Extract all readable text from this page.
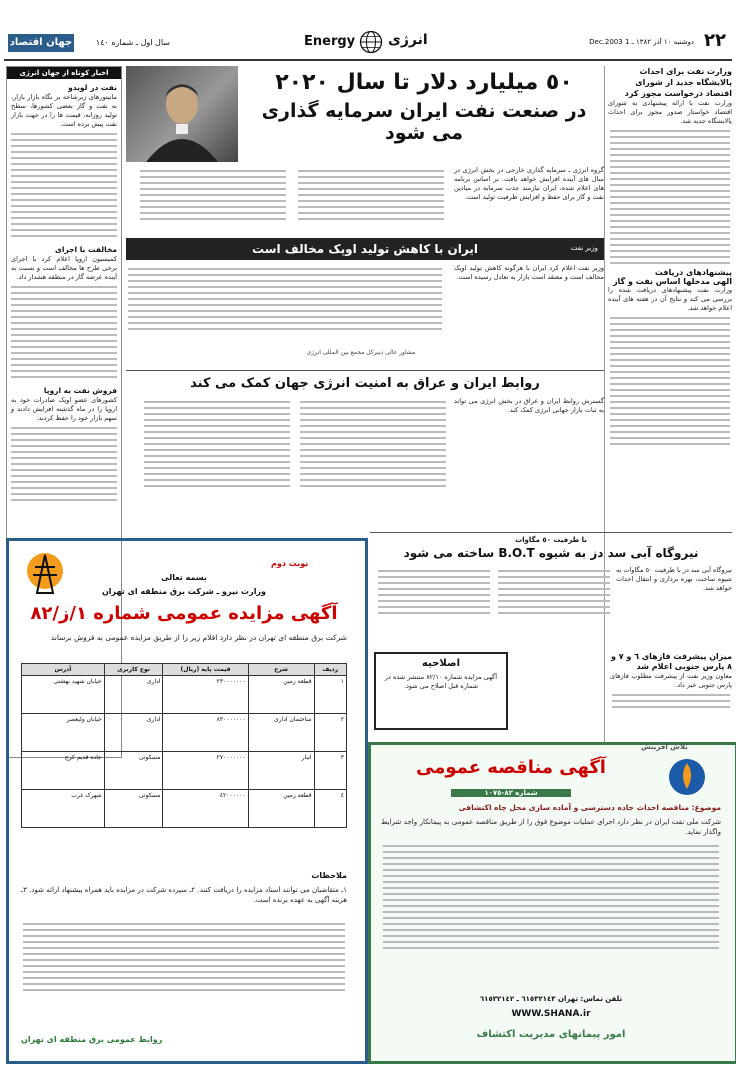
جهان اقتصاد	سال اول ـ شماره ١٤٠	Energy انرژی	دوشنبه ١٠ آذر ١٣٨٢ ـ 1 Dec.2003 ٢٢
اخبار کوتاه از جهان انرژی
نفت در لویدو
مانیتورهای زیرشاخه بر نگاه بازار بازار، به نفت و گاز بعضی کشورها، سطح تولید روزانه، قیمت ها را در جهت بازار نفت پیش برده است.
مخالفت با اجرای
کمیسیون اروپا اعلام کرد با اجرای برخی طرح ها مخالف است و نسبت به آینده عرضه گاز در منطقه هشدار داد.
فروش نفت به اروپا
کشورهای عضو اوپک صادرات خود به اروپا را در ماه گذشته افزایش دادند و سهم بازار خود را حفظ کردند.
٥٠ میلیارد دلار تا سال ٢٠٢٠
در صنعت نفت ایران سرمایه گذاری می شود
گروه انرژی ـ سرمایه گذاری خارجی در بخش انرژی در سال های آینده افزایش خواهد یافت. بر اساس برنامه های اعلام شده، ایران نیازمند جذب سرمایه در میادین نفت و گاز برای حفظ و افزایش ظرفیت تولید است.
وزارت نفت برای احداث پالایشگاه جدید از شورای اقتصاد درخواست مجوز کرد
وزارت نفت با ارائه پیشنهادی به شورای اقتصاد خواستار صدور مجوز برای احداث پالایشگاه جدید شد.
پیشنهادهای دریافت
الهی مدخلها اساس نفت و گاز
وزارت نفت پیشنهادهای دریافت شده را بررسی می کند و نتایج آن در هفته های آینده اعلام خواهد شد.
ایران با کاهش تولید اوپک مخالف است	وزیر نفت
وزیر نفت اعلام کرد ایران با هرگونه کاهش تولید اوپک مخالف است و معتقد است بازار به تعادل رسیده است.
مشاور عالی دبیرکل مجمع بین المللی انرژی
روابط ایران و عراق به امنیت انرژی جهان کمک می کند
گسترش روابط ایران و عراق در بخش انرژی می تواند به ثبات بازار جهانی انرژی کمک کند.
با ظرفیت ٥٠ مگاوات
نیروگاه آبی سد دز به شیوه B.O.T ساخته می شود
نیروگاه آبی سد دز با ظرفیت ٥٠ مگاوات به شیوه ساخت، بهره برداری و انتقال احداث خواهد شد.
نوبت دوم
بسمه تعالی
وزارت نیرو ـ شرکت برق منطقه ای تهران
آگهی مزایده عمومی شماره ١/ز/٨٢
شرکت برق منطقه ای تهران در نظر دارد اقلام زیر را از طریق مزایده عمومی به فروش برساند
ردیف	شرح	قیمت پایه (ریال)	نوع کاربری	آدرس
١	قطعه زمین	٢٣٠٠٠٠٠٠٠	اداری	خیابان شهید بهشتی
٢	ساختمان اداری	٨٣٠٠٠٠٠٠٠	اداری	خیابان ولیعصر
٣	انبار	٢٧٠٠٠٠٠٠٠	مسکونی	جاده قدیم کرج
٤	قطعه زمین	٤٢٠٠٠٠٠٠	مسکونی	شهرک غرب
ملاحظات
١ـ متقاضیان می توانند اسناد مزایده را دریافت کنند. ٢ـ سپرده شرکت در مزایده باید همراه پیشنهاد ارائه شود. ٣ـ هزینه آگهی به عهده برنده است.
روابط عمومی برق منطقه ای تهران
اصلاحیه
آگهی مزایده شماره ٨٢/١٠ منتشر شده در شماره قبل اصلاح می شود.
میزان پیشرفت فازهای ٦ و ٧ و ٨ پارس جنوبی اعلام شد
معاون وزیر نفت از پیشرفت مطلوب فازهای پارس جنوبی خبر داد.
تلاش آفرینش
آگهی مناقصه عمومی
شماره ٨٢-١٠٧٥
موضوع: مناقصه احداث جاده دسترسی و آماده سازی محل چاه اکتشافی
شرکت ملی نفت ایران در نظر دارد اجرای عملیات موضوع فوق را از طریق مناقصه عمومی به پیمانکار واجد شرایط واگذار نماید.
تلفن تماس: تهران ٦١٥٣٢١٤٣ ـ ٦١٥٣٢١٤٢
WWW.SHANA.ir
امور پیمانهای مدیریت اکتشاف
